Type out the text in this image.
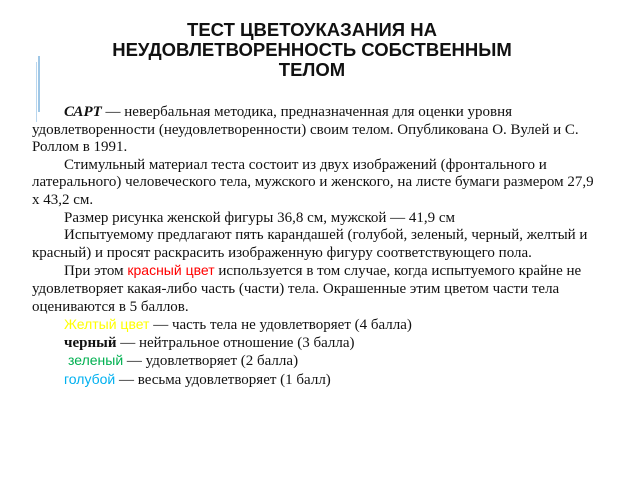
ТЕСТ ЦВЕТОУКАЗАНИЯ НА
НЕУДОВЛЕТВОРЕННОСТЬ СОБСТВЕННЫМ
ТЕЛОМ

САРТ — невербальная методика, предназначенная для оценки уровня удовлетворенности (неудовлетворенности) своим телом. Опубликована О. Вулей и С. Роллом в 1991.

Стимульный материал теста состоит из двух изображений (фронтального и латерального) человеческого тела, мужского и женского, на листе бумаги размером 27,9 х 43,2 см.

Размер рисунка женской фигуры 36,8 см, мужской — 41,9 см

Испытуемому предлагают пять карандашей (голубой, зеленый, черный, желтый и красный) и просят раскрасить изображенную фигуру соответствующего пола.

При этом красный цвет используется в том случае, когда испытуемого крайне не удовлетворяет какая-либо часть (части) тела. Окрашенные этим цветом части тела оцениваются в 5 баллов.

Желтый цвет — часть тела не удовлетворяет (4 балла)
черный — нейтральное отношение (3 балла)
зеленый — удовлетворяет (2 балла)
голубой — весьма удовлетворяет (1 балл)
